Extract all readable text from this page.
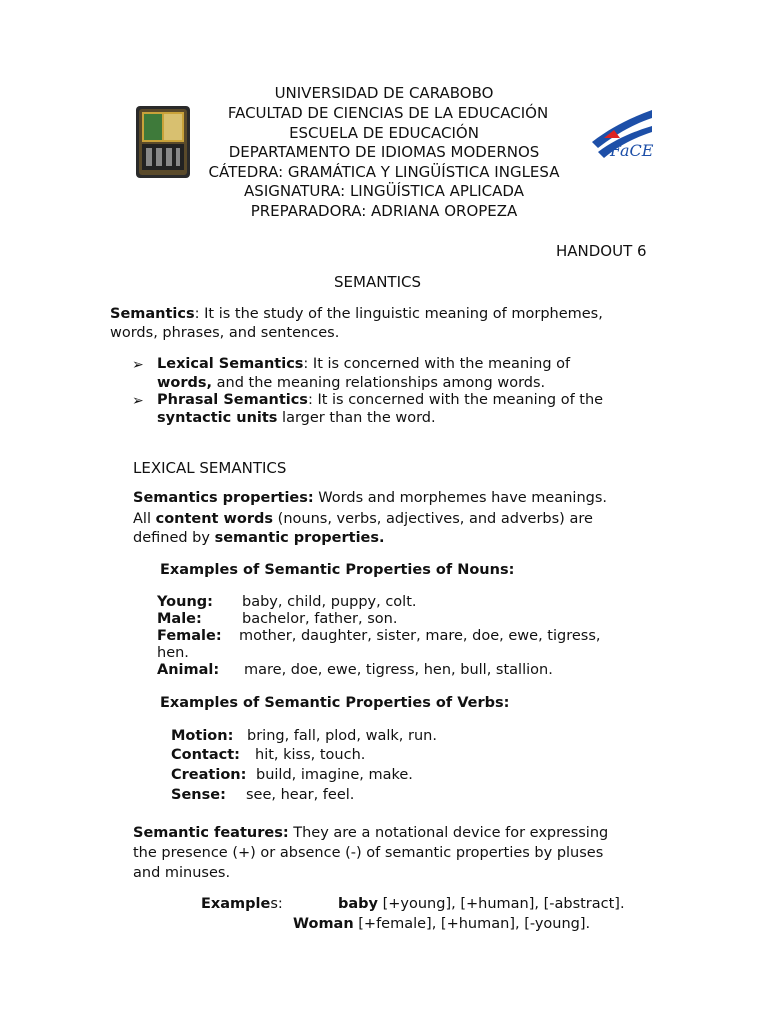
FaCE
UNIVERSIDAD DE CARABOBO
FACULTAD DE CIENCIAS DE LA EDUCACIÓN
ESCUELA DE EDUCACIÓN
DEPARTAMENTO DE IDIOMAS MODERNOS
CÁTEDRA: GRAMÁTICA Y LINGÜÍSTICA INGLESA
ASIGNATURA: LINGÜÍSTICA APLICADA
PREPARADORA: ADRIANA OROPEZA
HANDOUT 6
SEMANTICS
Semantics: It is the study of the linguistic meaning of morphemes,
words, phrases, and sentences.
➢ Lexical Semantics: It is concerned with the meaning of
words, and the meaning relationships among words.
➢ Phrasal Semantics: It is concerned with the meaning of the
syntactic units larger than the word.
LEXICAL SEMANTICS
Semantics properties: Words and morphemes have meanings.
All content words (nouns, verbs, adjectives, and adverbs) are
defined by semantic properties.
Examples of Semantic Properties of Nouns:
Young: baby, child, puppy, colt.
Male:	bachelor, father, son.
Female: mother, daughter, sister, mare, doe, ewe, tigress,
hen.
Animal: mare, doe, ewe, tigress, hen, bull, stallion.
Examples of Semantic Properties of Verbs:
Motion: bring, fall, plod, walk, run.
Contact: hit, kiss, touch.
Creation: build, imagine, make.
Sense: see, hear, feel.
Semantic features: They are a notational device for expressing
the presence (+) or absence (-) of semantic properties by pluses
and minuses.
Examples:	baby [+young], [+human], [-abstract].
Woman [+female], [+human], [-young].
